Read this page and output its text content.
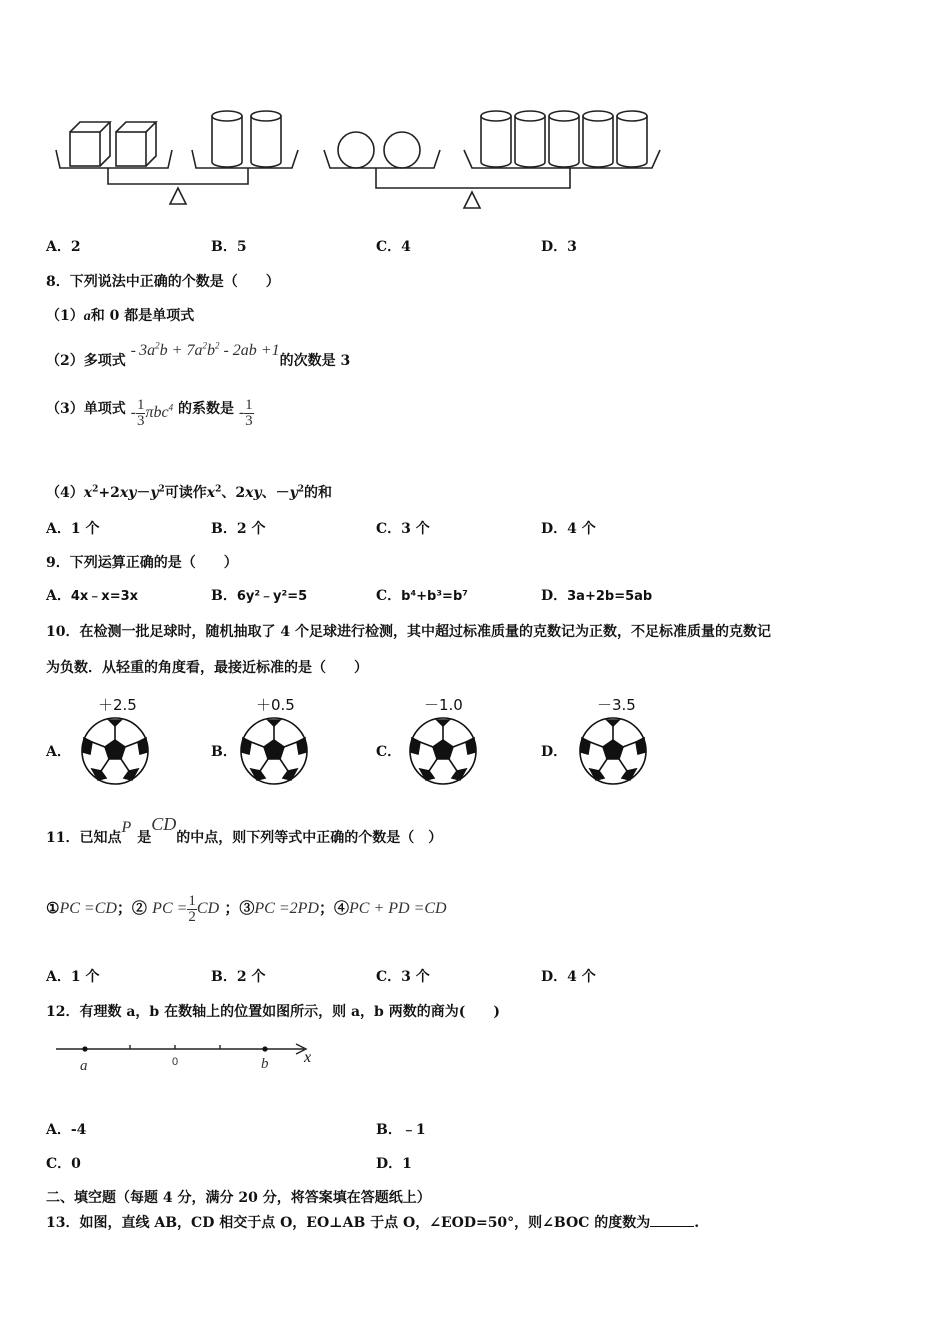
A．2	B．5	C．4	D．3
8．下列说法中正确的个数是（　　）
（1）a和 0 都是单项式
（2）多项式 - $3a^2b + 7a^2b^2 - 2ab +1$的次数是 3
（3）单项式 - $\frac{1}{3} \pi bc^4$ 的系数是 - $\frac{1}{3}$
$(4)x^2+2xy-y^2$可读作$x^2$、2xy、$-y^2$的和
A．1 个	B．2 个	C．3 个	D．4 个
9．下列运算正确的是（　　）
A．4x﹣x=3x	B．6y²﹣y²=5	C．b⁴+b³=b⁷	D．3a+2b=5ab
10．在检测一批足球时，随机抽取了 4 个足球进行检测，其中超过标准质量的克数记为正数，不足标准质量的克数记
为负数．从轻重的角度看，最接近标准的是（　　）
A．
＋2.5
B．
＋0.5
C．
－1.0
D．
－3.5
11．已知点P是CD的中点，则下列等式中正确的个数是（　）
①PC =CD；② PC = $\frac{1}{2}$ CD ；③PC =2PD；④PC + PD =CD
A．1 个	B．2 个	C．3 个	D．4 个
12．有理数 a，b 在数轴上的位置如图所示，则 a，b 两数的商为(　　)
a	0	b x
A．-4	B．﹣1
C．0	D．1
二、填空题（每题 4 分，满分 20 分，将答案填在答题纸上）
13．如图，直线 AB，CD 相交于点 O，EO⊥AB 于点 O，∠EOD=50°，则∠BOC 的度数为	.
